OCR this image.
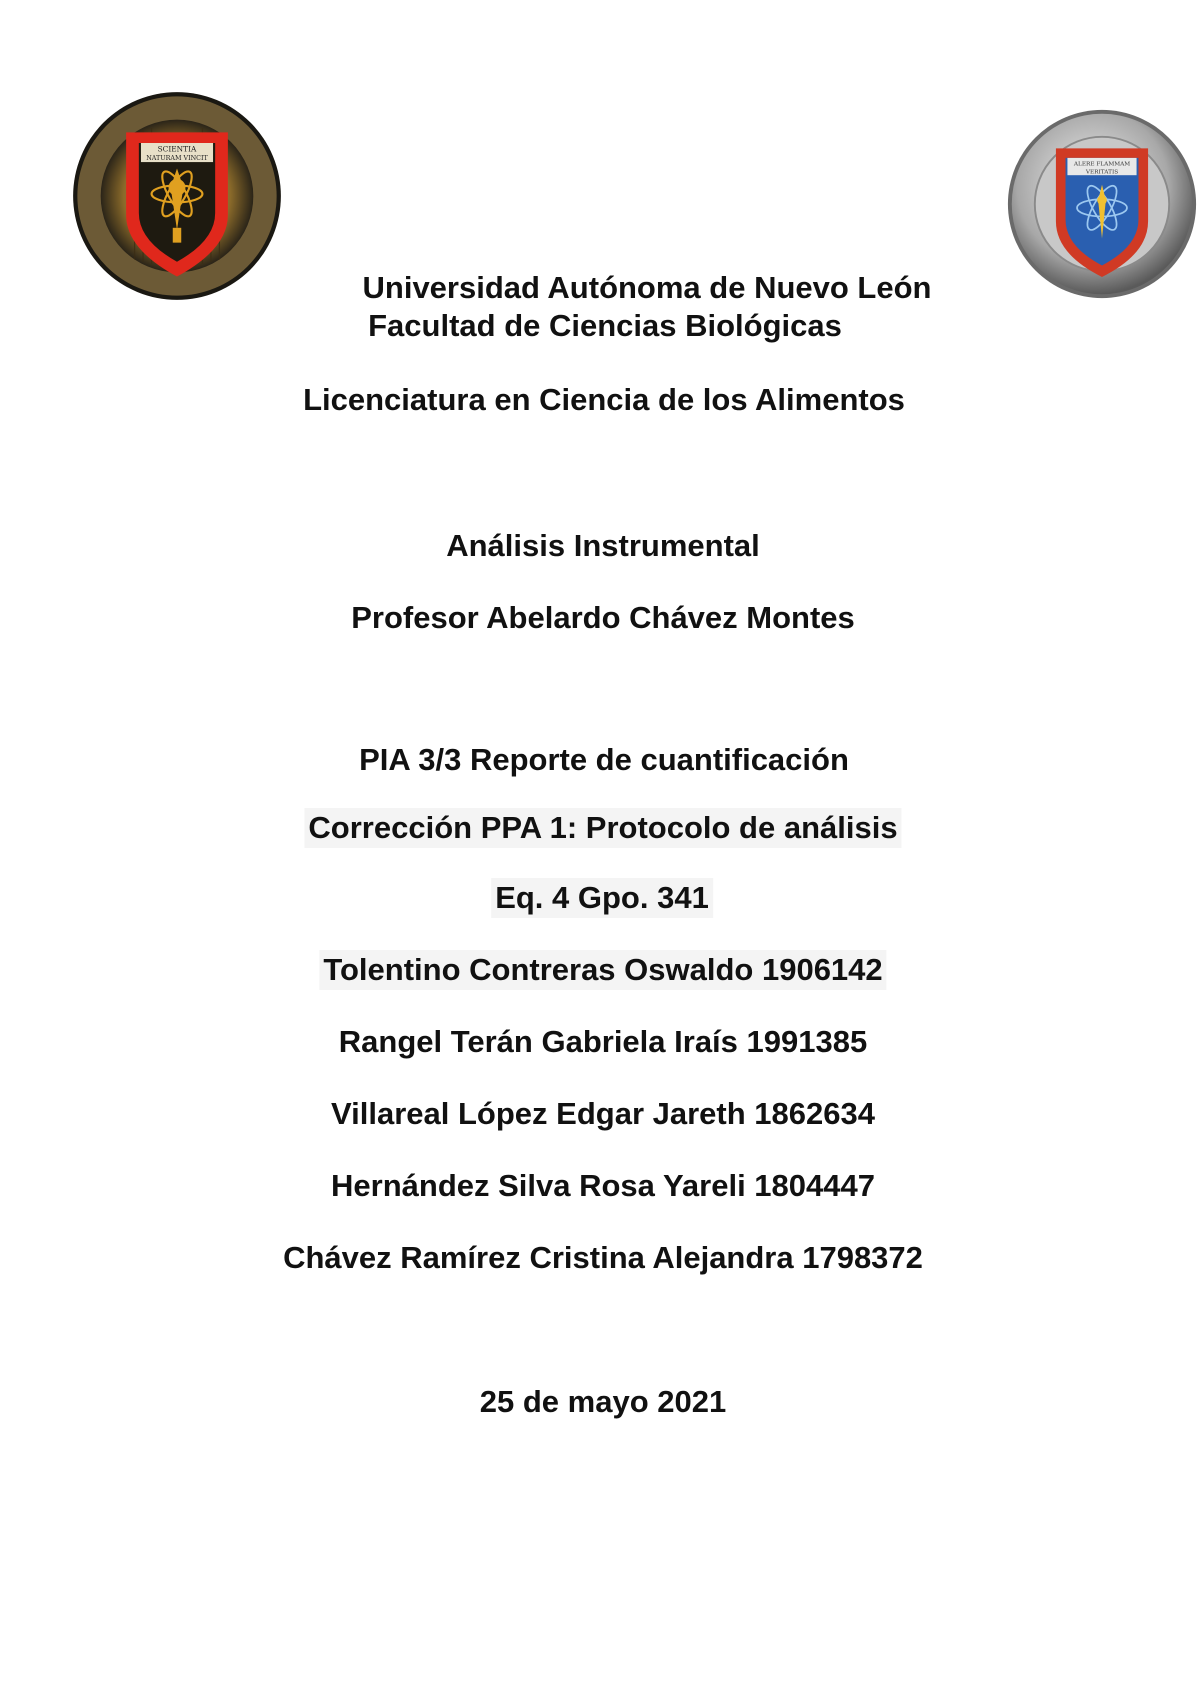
SCIENTIA
NATURAM VINCIT
ALERE FLAMMAM
VERITATIS
Universidad Autónoma de Nuevo León
Facultad de Ciencias Biológicas
Licenciatura en Ciencia de los Alimentos
Análisis Instrumental
Profesor Abelardo Chávez Montes
PIA 3/3 Reporte de cuantificación
Corrección PPA 1: Protocolo de análisis
Eq. 4 Gpo. 341
Tolentino Contreras Oswaldo 1906142
Rangel Terán Gabriela Iraís 1991385
Villareal López Edgar Jareth 1862634
Hernández Silva Rosa Yareli 1804447
Chávez Ramírez Cristina Alejandra 1798372
25 de mayo 2021
